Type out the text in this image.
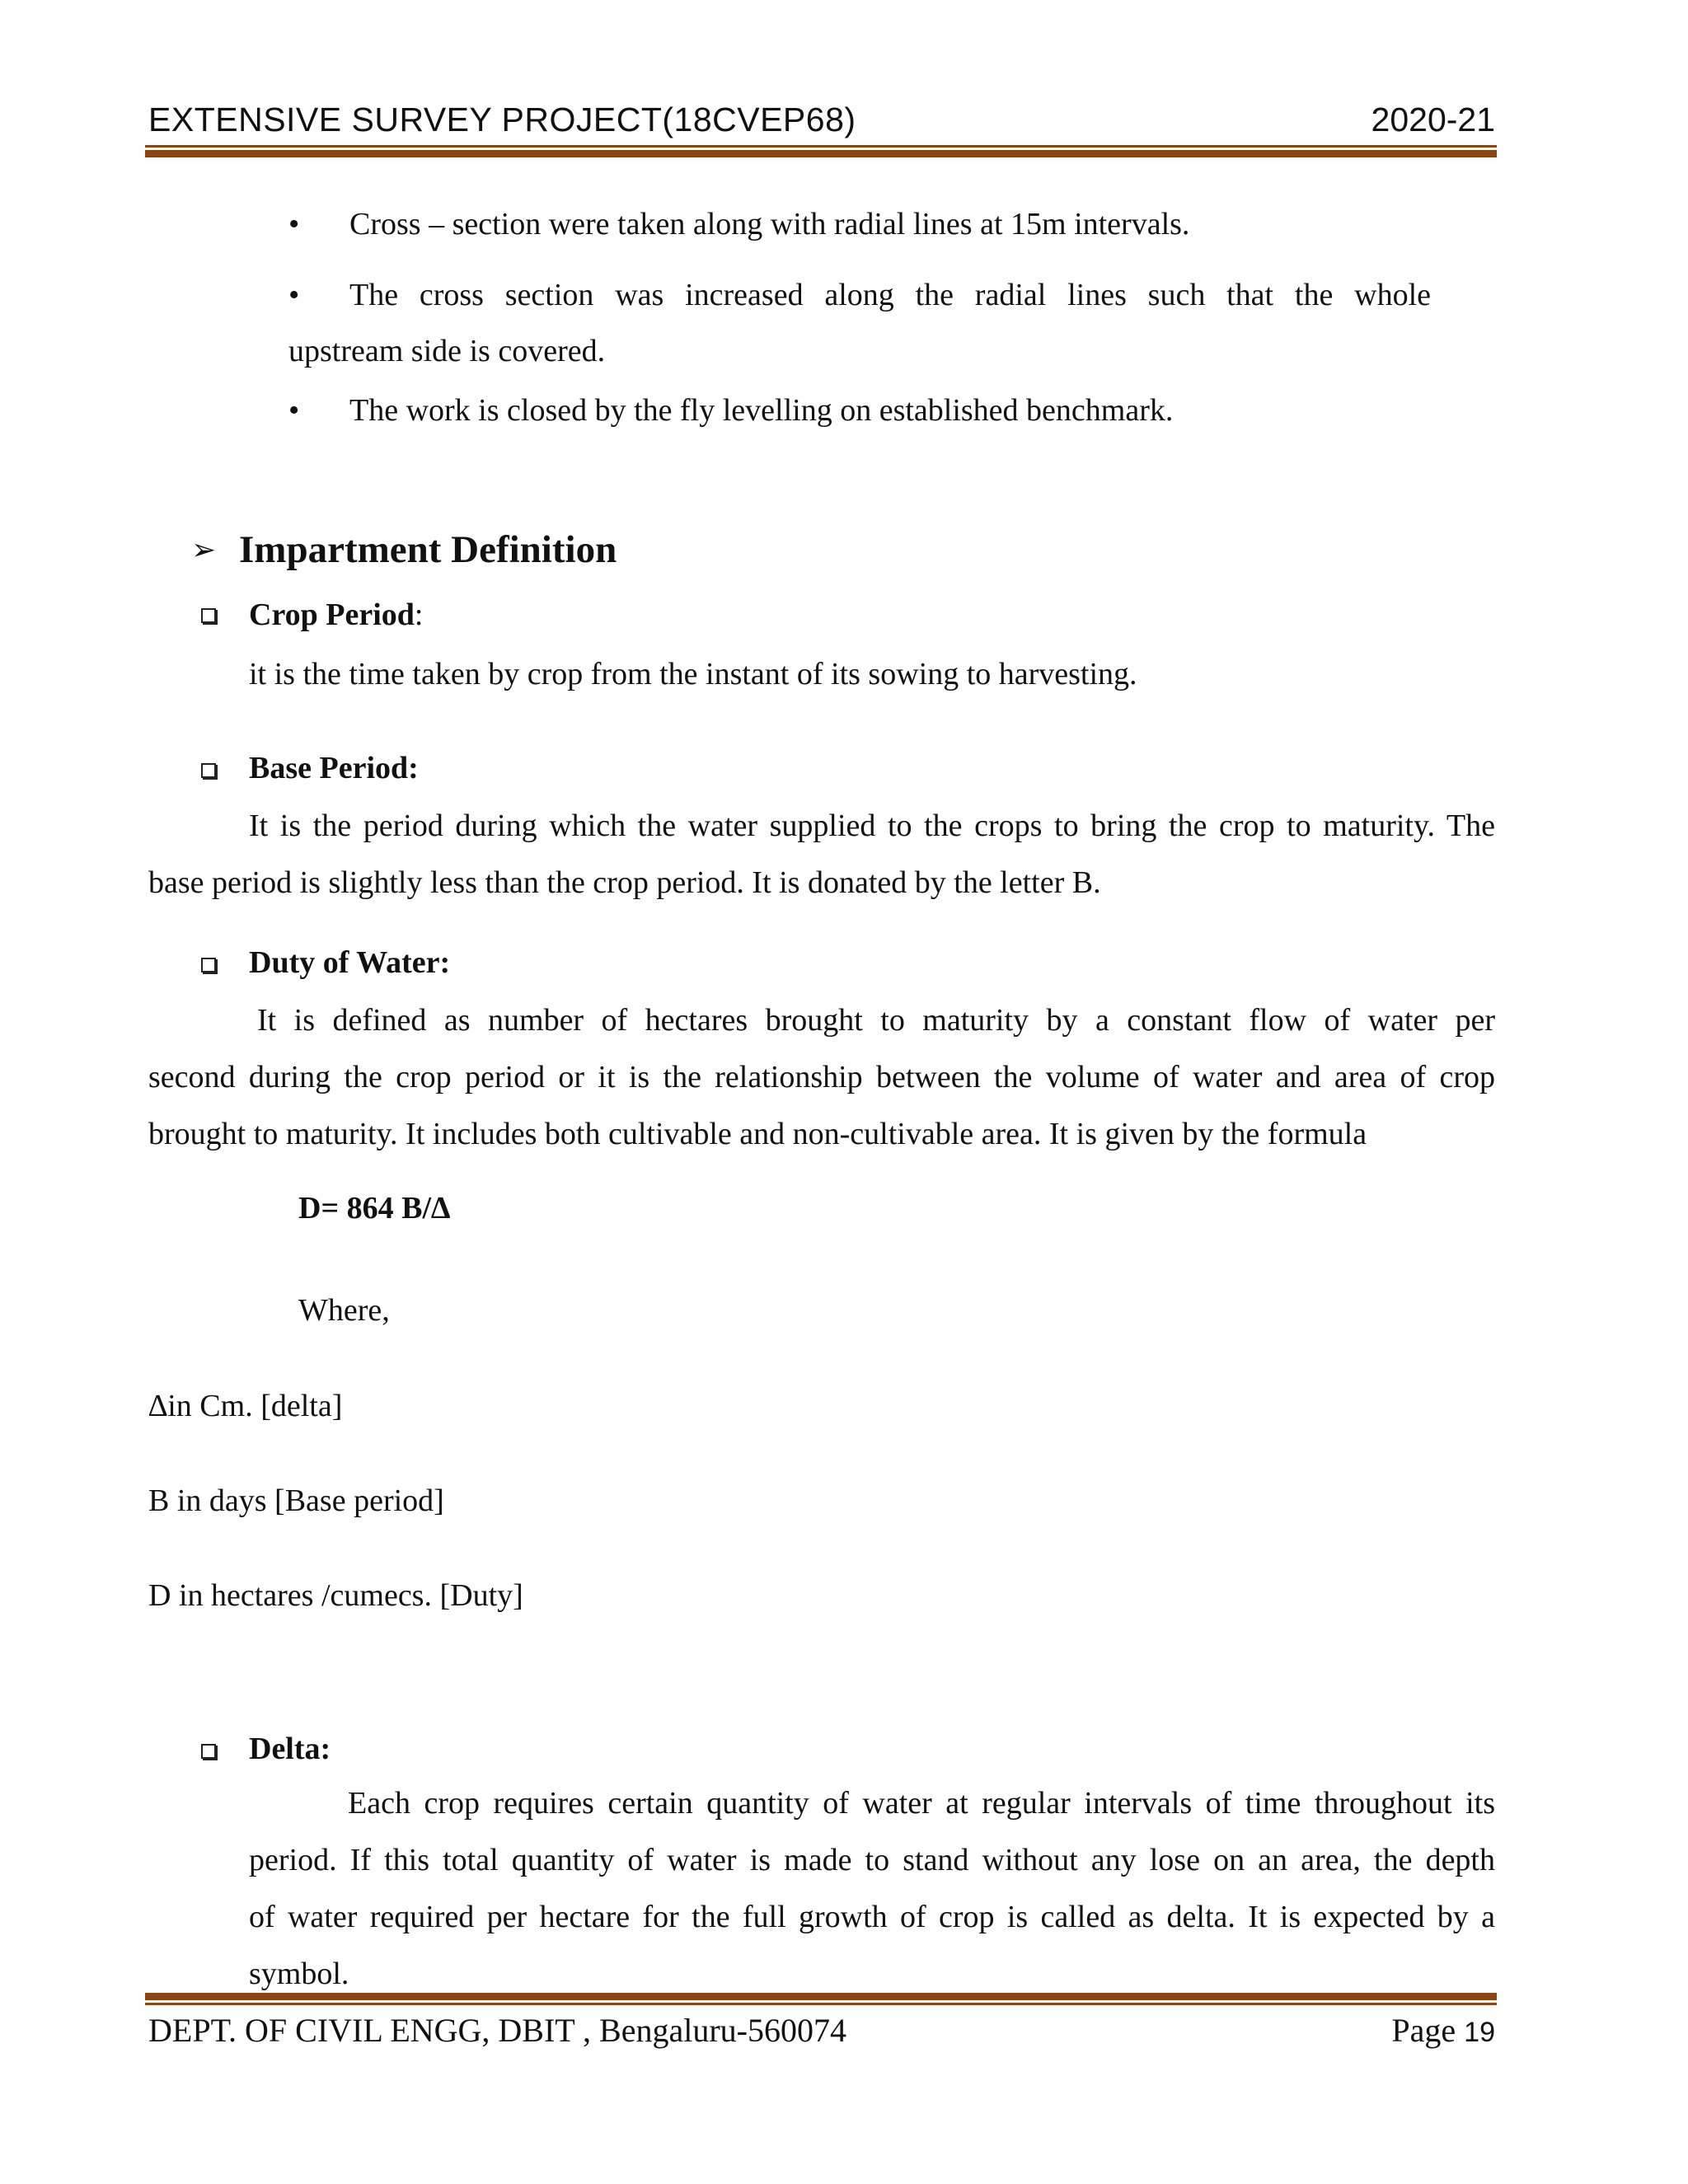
EXTENSIVE SURVEY PROJECT(18CVEP68)	2020-21
• Cross – section were taken along with radial lines at 15m intervals.
• The cross section was increased along the radial lines such that the whole
upstream side is covered.
• The work is closed by the fly levelling on established benchmark.
➢ Impartment Definition
Crop Period:
it is the time taken by crop from the instant of its sowing to harvesting.
Base Period:
It is the period during which the water supplied to the crops to bring the crop to maturity. The
base period is slightly less than the crop period. It is donated by the letter B.
Duty of Water:
It is defined as number of hectares brought to maturity by a constant flow of water per
second during the crop period or it is the relationship between the volume of water and area of crop
brought to maturity. It includes both cultivable and non-cultivable area. It is given by the formula
D= 864 B/∆
Where,
∆in Cm. [delta]
B in days [Base period]
D in hectares /cumecs. [Duty]
Delta:
Each crop requires certain quantity of water at regular intervals of time throughout its
period. If this total quantity of water is made to stand without any lose on an area, the depth
of water required per hectare for the full growth of crop is called as delta. It is expected by a
symbol.
DEPT. OF CIVIL ENGG, DBIT , Bengaluru-560074	Page 19
